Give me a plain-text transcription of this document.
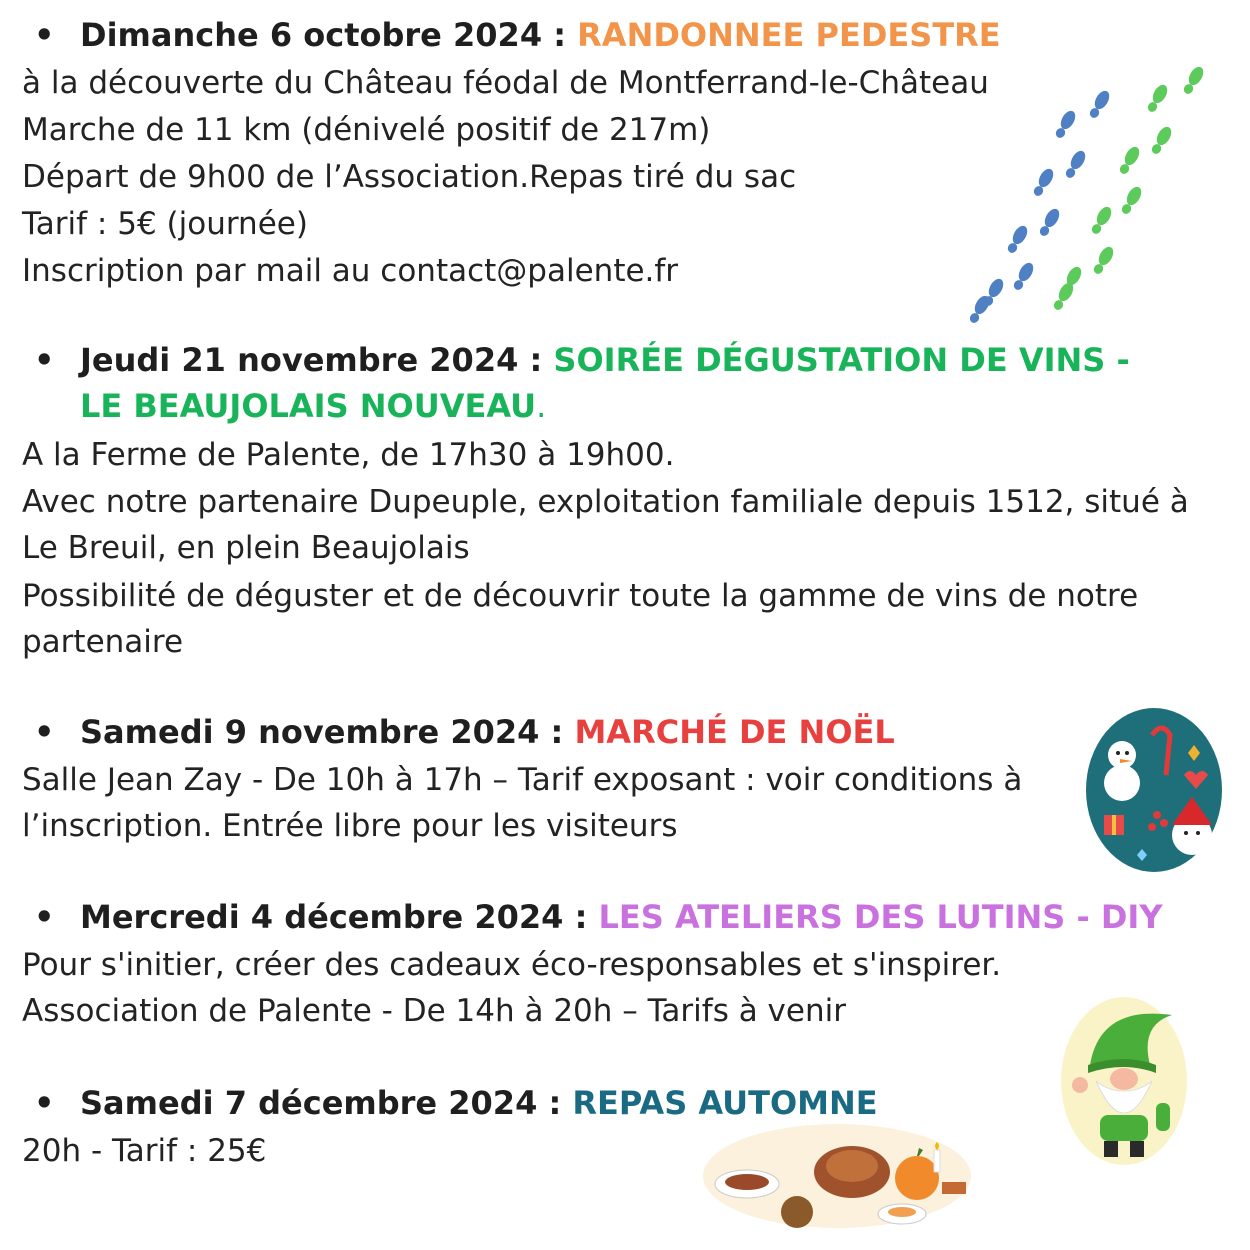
• Dimanche 6 octobre 2024 : RANDONNEE PEDESTRE
à la découverte du Château féodal de Montferrand-le-Château
Marche de 11 km (dénivelé positif de 217m)
Départ de 9h00 de l’Association.Repas tiré du sac
Tarif : 5€ (journée)
Inscription par mail au contact@palente.fr
• Jeudi 21 novembre 2024 : SOIRÉE DÉGUSTATION DE VINS - LE BEAUJOLAIS NOUVEAU.
A la Ferme de Palente, de 17h30 à 19h00.
Avec notre partenaire Dupeuple, exploitation familiale depuis 1512, situé à Le Breuil, en plein Beaujolais
Possibilité de déguster et de découvrir toute la gamme de vins de notre partenaire
• Samedi 9 novembre 2024 : MARCHÉ DE NOËL
Salle Jean Zay - De 10h à 17h – Tarif exposant : voir conditions à l’inscription. Entrée libre pour les visiteurs
• Mercredi 4 décembre 2024 : LES ATELIERS DES LUTINS - DIY
Pour s'initier, créer des cadeaux éco-responsables et s'inspirer.
Association de Palente - De 14h à 20h – Tarifs à venir
• Samedi 7 décembre 2024 : REPAS AUTOMNE
20h - Tarif : 25€
